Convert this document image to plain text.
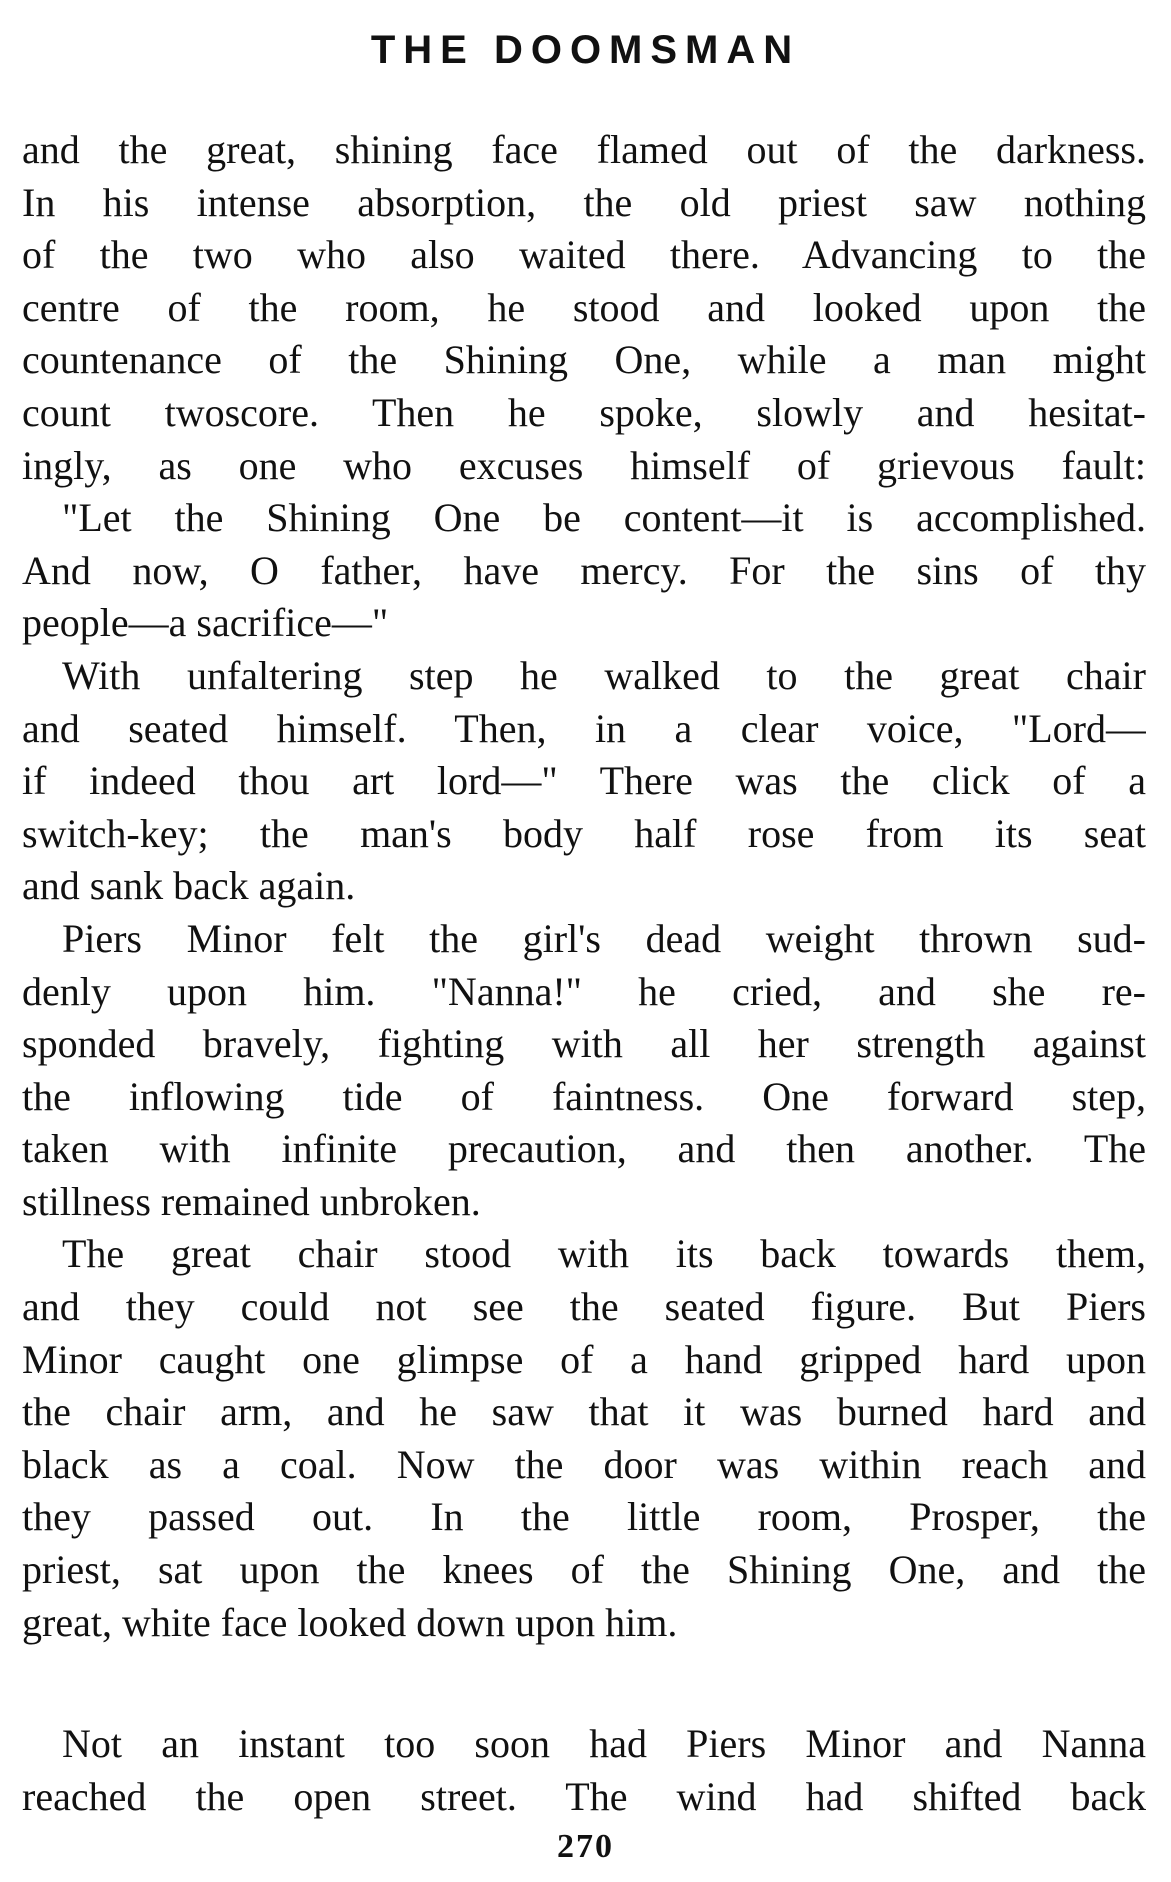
THE DOOMSMAN
and the great, shining face flamed out of the darkness.
In his intense absorption, the old priest saw nothing
of the two who also waited there. Advancing to the
centre of the room, he stood and looked upon the
countenance of the Shining One, while a man might
count twoscore. Then he spoke, slowly and hesitat-
ingly, as one who excuses himself of grievous fault:
"Let the Shining One be content—it is accomplished.
And now, O father, have mercy. For the sins of thy
people—a sacrifice—"
With unfaltering step he walked to the great chair
and seated himself. Then, in a clear voice, "Lord—
if indeed thou art lord—" There was the click of a
switch-key; the man's body half rose from its seat
and sank back again.
Piers Minor felt the girl's dead weight thrown sud-
denly upon him. "Nanna!" he cried, and she re-
sponded bravely, fighting with all her strength against
the inflowing tide of faintness. One forward step,
taken with infinite precaution, and then another. The
stillness remained unbroken.
The great chair stood with its back towards them,
and they could not see the seated figure. But Piers
Minor caught one glimpse of a hand gripped hard upon
the chair arm, and he saw that it was burned hard and
black as a coal. Now the door was within reach and
they passed out. In the little room, Prosper, the
priest, sat upon the knees of the Shining One, and the
great, white face looked down upon him.
Not an instant too soon had Piers Minor and Nanna
reached the open street. The wind had shifted back
270
